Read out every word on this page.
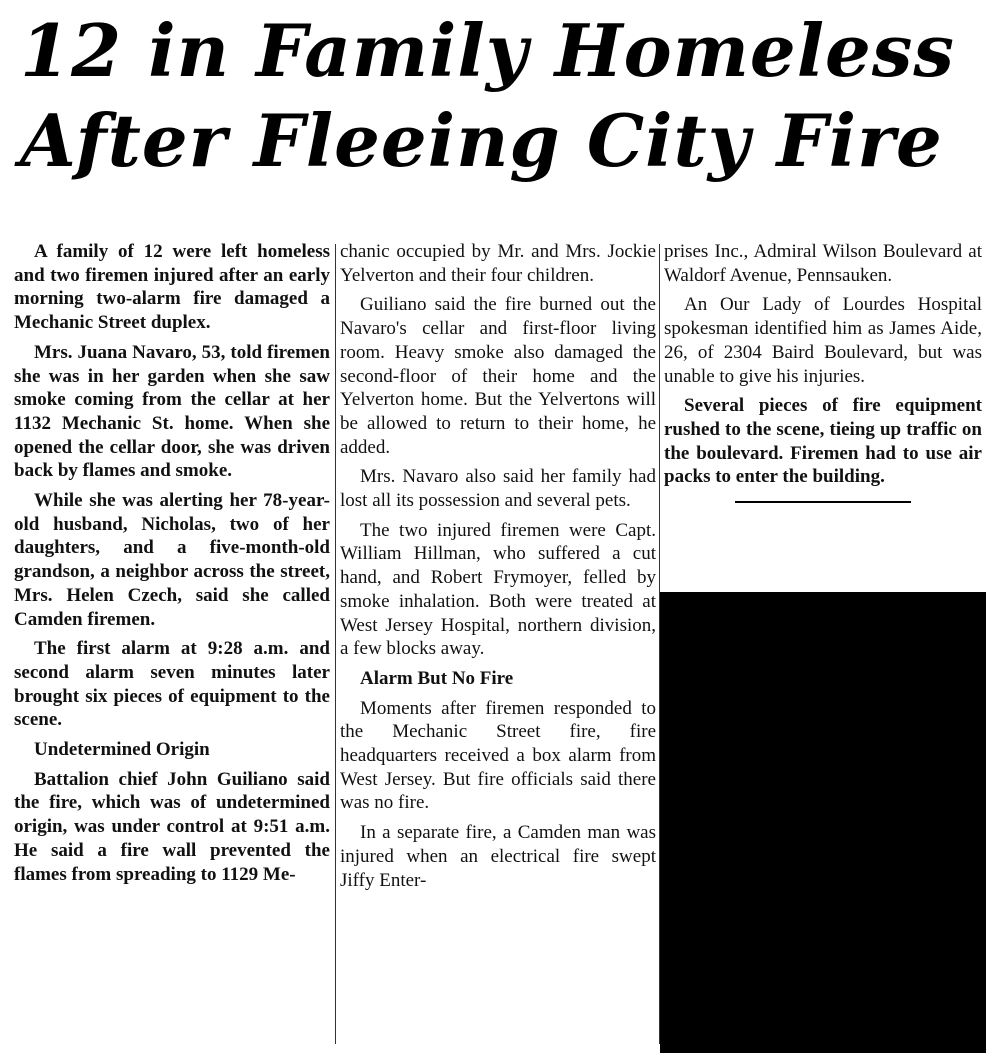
12 in Family Homeless
After Fleeing City Fire

A family of 12 were left homeless and two firemen injured after an early morning two-alarm fire damaged a Mechanic Street duplex.

Mrs. Juana Navaro, 53, told firemen she was in her garden when she saw smoke coming from the cellar at her 1132 Mechanic St. home. When she opened the cellar door, she was driven back by flames and smoke.

While she was alerting her 78-year-old husband, Nicholas, two of her daughters, and a five-month-old grandson, a neighbor across the street, Mrs. Helen Czech, said she called Camden firemen.

The first alarm at 9:28 a.m. and second alarm seven minutes later brought six pieces of equipment to the scene.

Undetermined Origin

Battalion chief John Guiliano said the fire, which was of undetermined origin, was under control at 9:51 a.m. He said a fire wall prevented the flames from spreading to 1129 Me-

chanic occupied by Mr. and Mrs. Jockie Yelverton and their four children.

Guiliano said the fire burned out the Navaro's cellar and first-floor living room. Heavy smoke also damaged the second-floor of their home and the Yelverton home. But the Yelvertons will be allowed to return to their home, he added.

Mrs. Navaro also said her family had lost all its possession and several pets.

The two injured firemen were Capt. William Hillman, who suffered a cut hand, and Robert Frymoyer, felled by smoke inhalation. Both were treated at West Jersey Hospital, northern division, a few blocks away.

Alarm But No Fire

Moments after firemen responded to the Mechanic Street fire, fire headquarters received a box alarm from West Jersey. But fire officials said there was no fire.

In a separate fire, a Camden man was injured when an electrical fire swept Jiffy Enter-

prises Inc., Admiral Wilson Boulevard at Waldorf Avenue, Pennsauken.

An Our Lady of Lourdes Hospital spokesman identified him as James Aide, 26, of 2304 Baird Boulevard, but was unable to give his injuries.

Several pieces of fire equipment rushed to the scene, tieing up traffic on the boulevard. Firemen had to use air packs to enter the building.
